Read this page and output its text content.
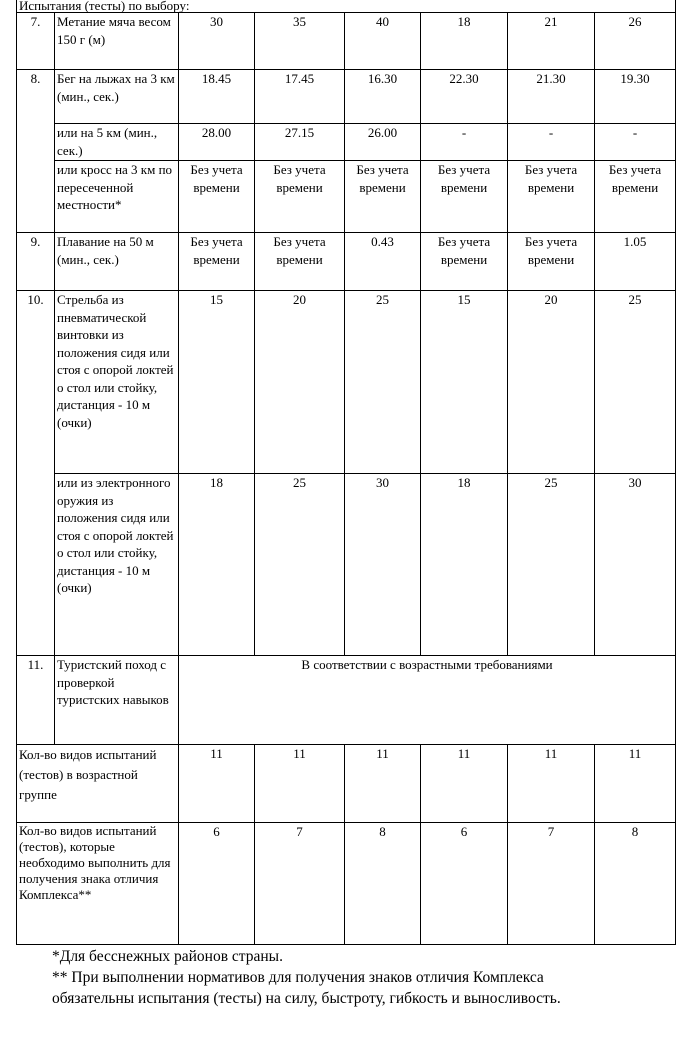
Испытания (тесты) по выбору:							
7.	Метание мяча весом 150 г (м)	30	35	40	18	21	26
8.	Бег на лыжах на 3 км (мин., сек.)	18.45	17.45	16.30	22.30	21.30	19.30
	или на 5 км (мин., сек.)	28.00	27.15	26.00	-	-	-
	или кросс на 3 км по пересеченной местности*	Без учета времени	Без учета времени	Без учета времени	Без учета времени	Без учета времени	Без учета времени
9.	Плавание на 50 м (мин., сек.)	Без учета времени	Без учета времени	0.43	Без учета времени	Без учета времени	1.05
10.	Стрельба из пневматической винтовки из положения сидя или стоя с опорой локтей о стол или стойку, дистанция - 10 м (очки)	15	20	25	15	20	25
	или из электронного оружия из положения сидя или стоя с опорой локтей о стол или стойку, дистанция - 10 м (очки)	18	25	30	18	25	30
11.	Туристский поход с проверкой туристских навыков	В соответствии с возрастными требованиями					

Кол-во видов испытаний (тестов) в возрастной группе		11	11	11	11	11	11

Кол-во видов испытаний (тестов), которые необходимо выполнить для получения знака отличия Комплекса**		6	7	8	6	7	8

*Для бесснежных районов страны.

** При выполнении нормативов для получения знаков отличия Комплекса

обязательны испытания (тесты) на силу, быстроту, гибкость и выносливость.
